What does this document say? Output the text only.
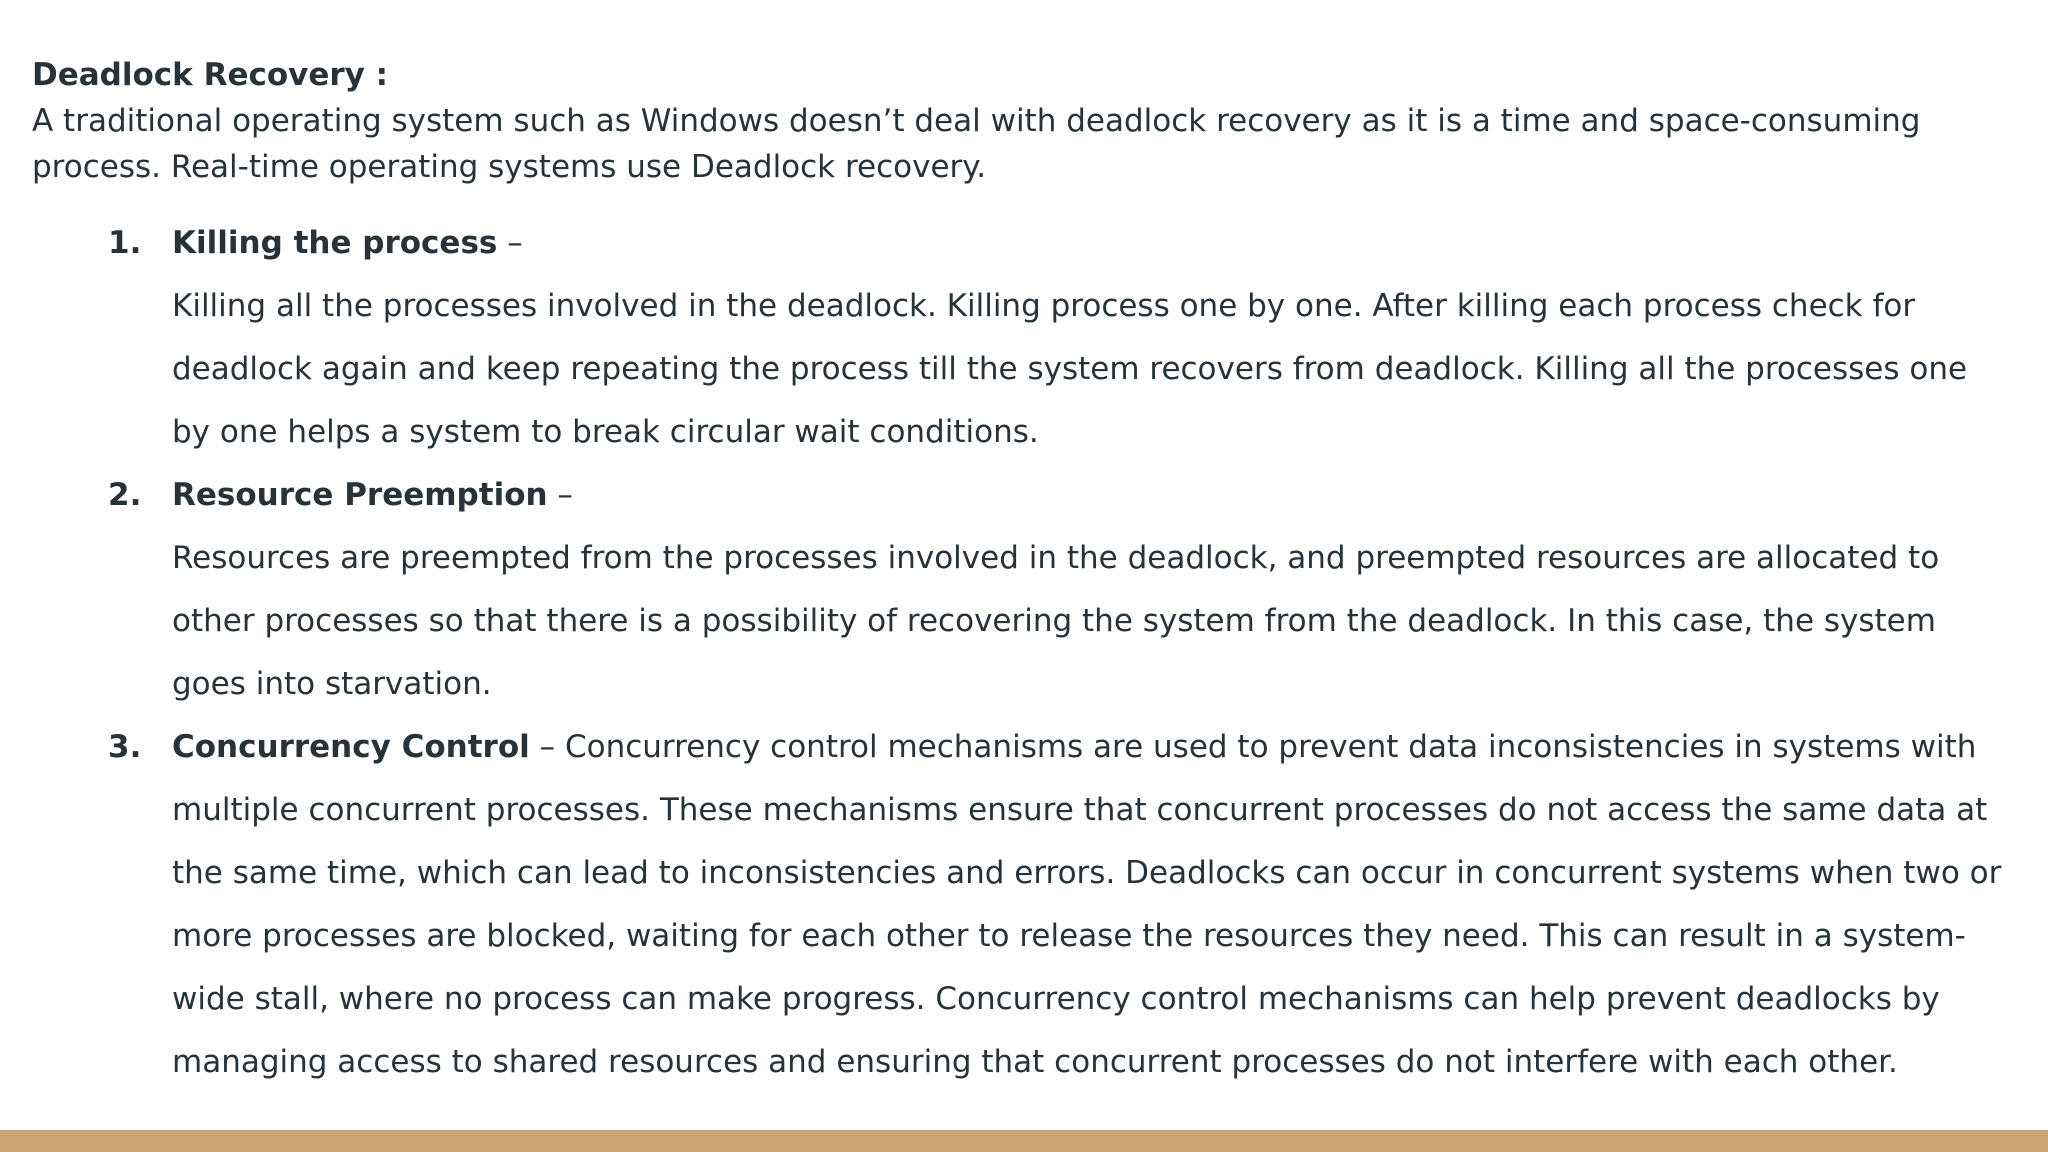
Deadlock Recovery :

A traditional operating system such as Windows doesn’t deal with deadlock recovery as it is a time and space-consuming process. Real-time operating systems use Deadlock recovery.

1. Killing the process –
Killing all the processes involved in the deadlock. Killing process one by one. After killing each process check for deadlock again and keep repeating the process till the system recovers from deadlock. Killing all the processes one by one helps a system to break circular wait conditions.
2. Resource Preemption –
Resources are preempted from the processes involved in the deadlock, and preempted resources are allocated to other processes so that there is a possibility of recovering the system from the deadlock. In this case, the system goes into starvation.
3. Concurrency Control – Concurrency control mechanisms are used to prevent data inconsistencies in systems with multiple concurrent processes. These mechanisms ensure that concurrent processes do not access the same data at the same time, which can lead to inconsistencies and errors. Deadlocks can occur in concurrent systems when two or more processes are blocked, waiting for each other to release the resources they need. This can result in a system-wide stall, where no process can make progress. Concurrency control mechanisms can help prevent deadlocks by managing access to shared resources and ensuring that concurrent processes do not interfere with each other.
